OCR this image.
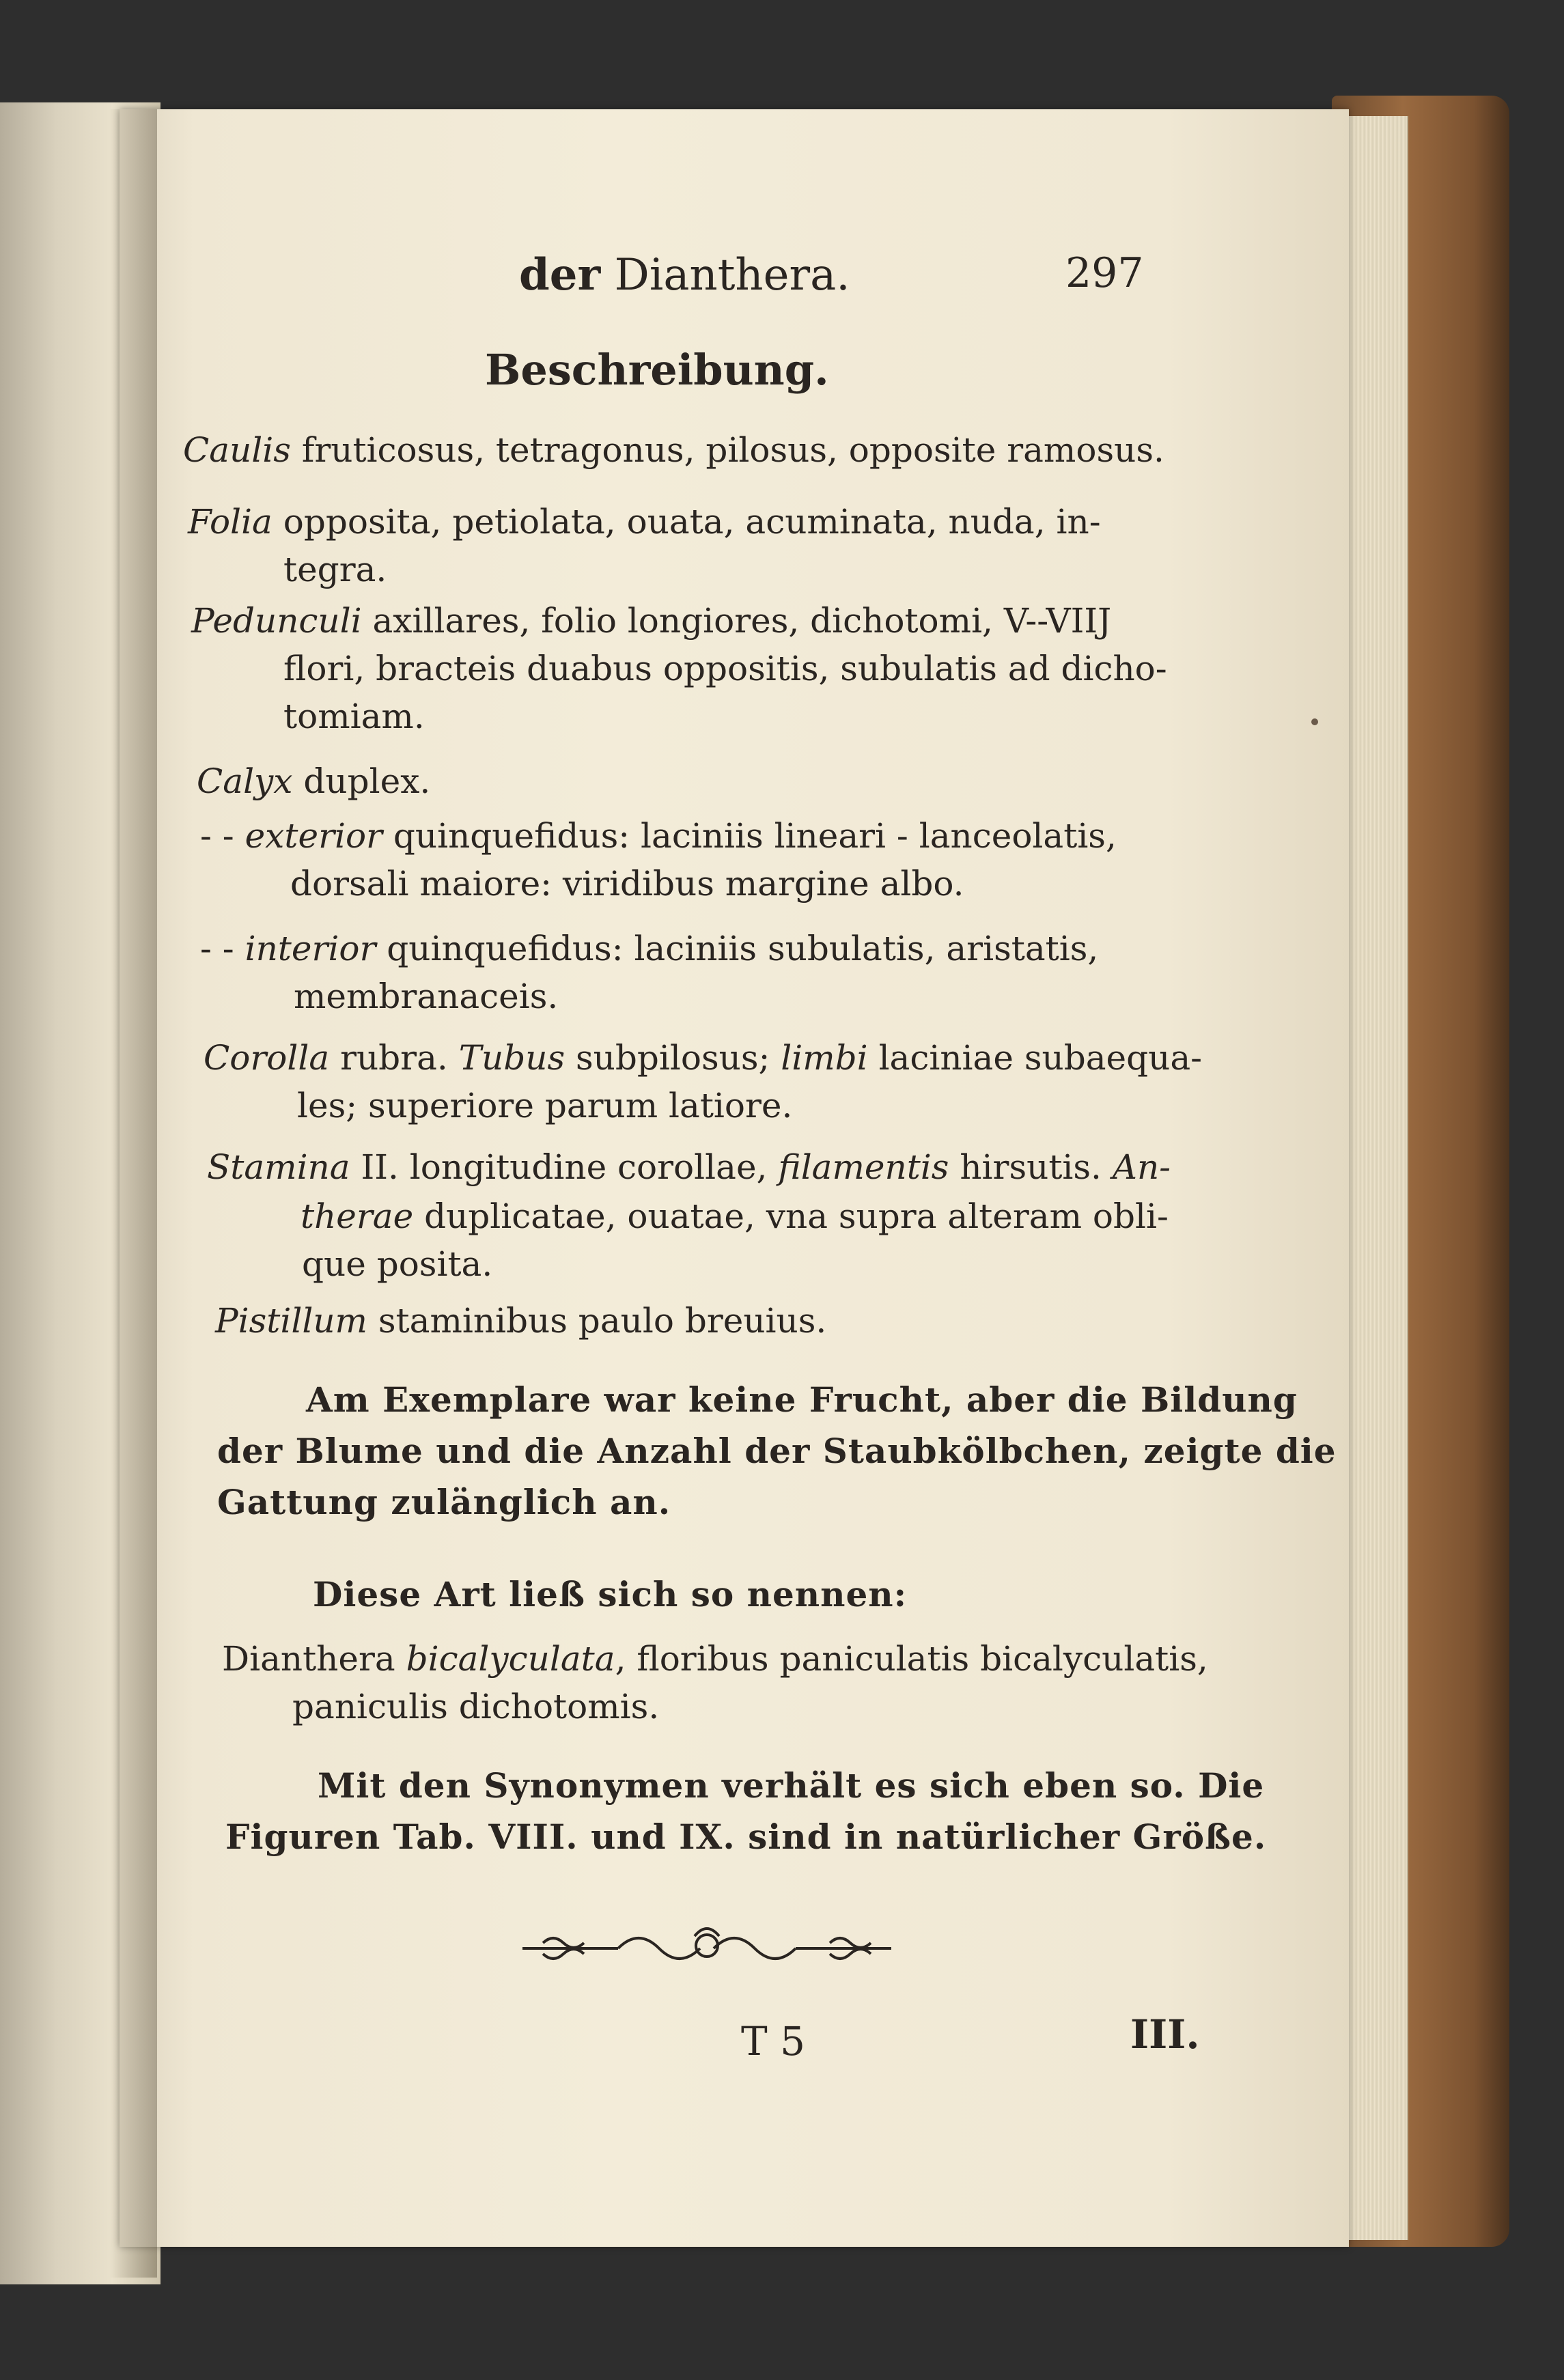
der Dianthera.	297
Beschreibung.
Caulis fruticosus, tetragonus, pilosus, opposite ramosus.
Folia opposita, petiolata, ouata, acuminata, nuda, in-
tegra.
Pedunculi axillares, folio longiores, dichotomi, V--VIIJ
flori, bracteis duabus oppositis, subulatis ad dicho-
tomiam.
Calyx duplex.
- - exterior quinquefidus: laciniis lineari - lanceolatis,
dorsali maiore: viridibus margine albo.
- - interior quinquefidus: laciniis subulatis, aristatis,
membranaceis.
Corolla rubra. Tubus subpilosus; limbi laciniae subaequa-
les; superiore parum latiore.
Stamina II. longitudine corollae, filamentis hirsutis. An-
therae duplicatae, ouatae, vna supra alteram obli-
que posita.
Pistillum staminibus paulo breuius.
Am Exemplare war keine Frucht, aber die Bildung
der Blume und die Anzahl der Staubkölbchen, zeigte die
Gattung zulänglich an.
Diese Art ließ sich so nennen:
Dianthera bicalyculata, floribus paniculatis bicalyculatis,
paniculis dichotomis.
Mit den Synonymen verhält es sich eben so. Die
Figuren Tab. VIII. und IX. sind in natürlicher Größe.
T 5	III.
